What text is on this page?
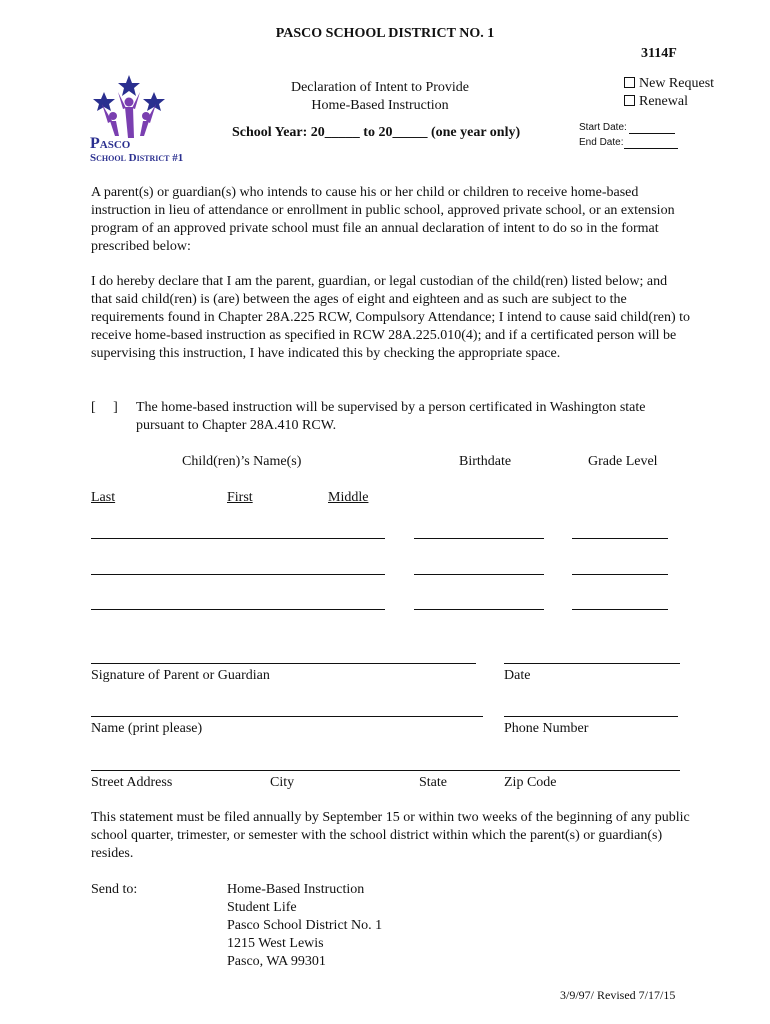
PASCO SCHOOL DISTRICT NO. 1
3114F
Declaration of Intent to Provide
Home-Based Instruction
School Year: 20_____ to 20_____ (one year only)
New Request
Renewal
Start Date:
End Date:
Pasco
School District #1
A parent(s) or guardian(s) who intends to cause his or her child or children to receive home-based instruction in lieu of attendance or enrollment in public school, approved private school, or an extension program of an approved private school must file an annual declaration of intent to do so in the format prescribed below:
I do hereby declare that I am the parent, guardian, or legal custodian of the child(ren) listed below; and that said child(ren) is (are) between the ages of eight and eighteen and as such are subject to the requirements found in Chapter 28A.225 RCW, Compulsory Attendance; I intend to cause said child(ren) to receive home-based instruction as specified in RCW 28A.225.010(4); and if a certificated person will be supervising this instruction, I have indicated this by checking the appropriate space.
[     ] The home-based instruction will be supervised by a person certificated in Washington state pursuant to Chapter 28A.410 RCW.
Child(ren)’s Name(s)	Birthdate	Grade Level
Last	First	Middle
Signature of Parent or Guardian	Date
Name (print please)	Phone Number
Street Address	City	State	Zip Code
This statement must be filed annually by September 15 or within two weeks of the beginning of any public school quarter, trimester, or semester with the school district within which the parent(s) or guardian(s) resides.
Send to:	Home-Based Instruction
Student Life
Pasco School District No. 1
1215 West Lewis
Pasco, WA 99301
3/9/97/ Revised 7/17/15
